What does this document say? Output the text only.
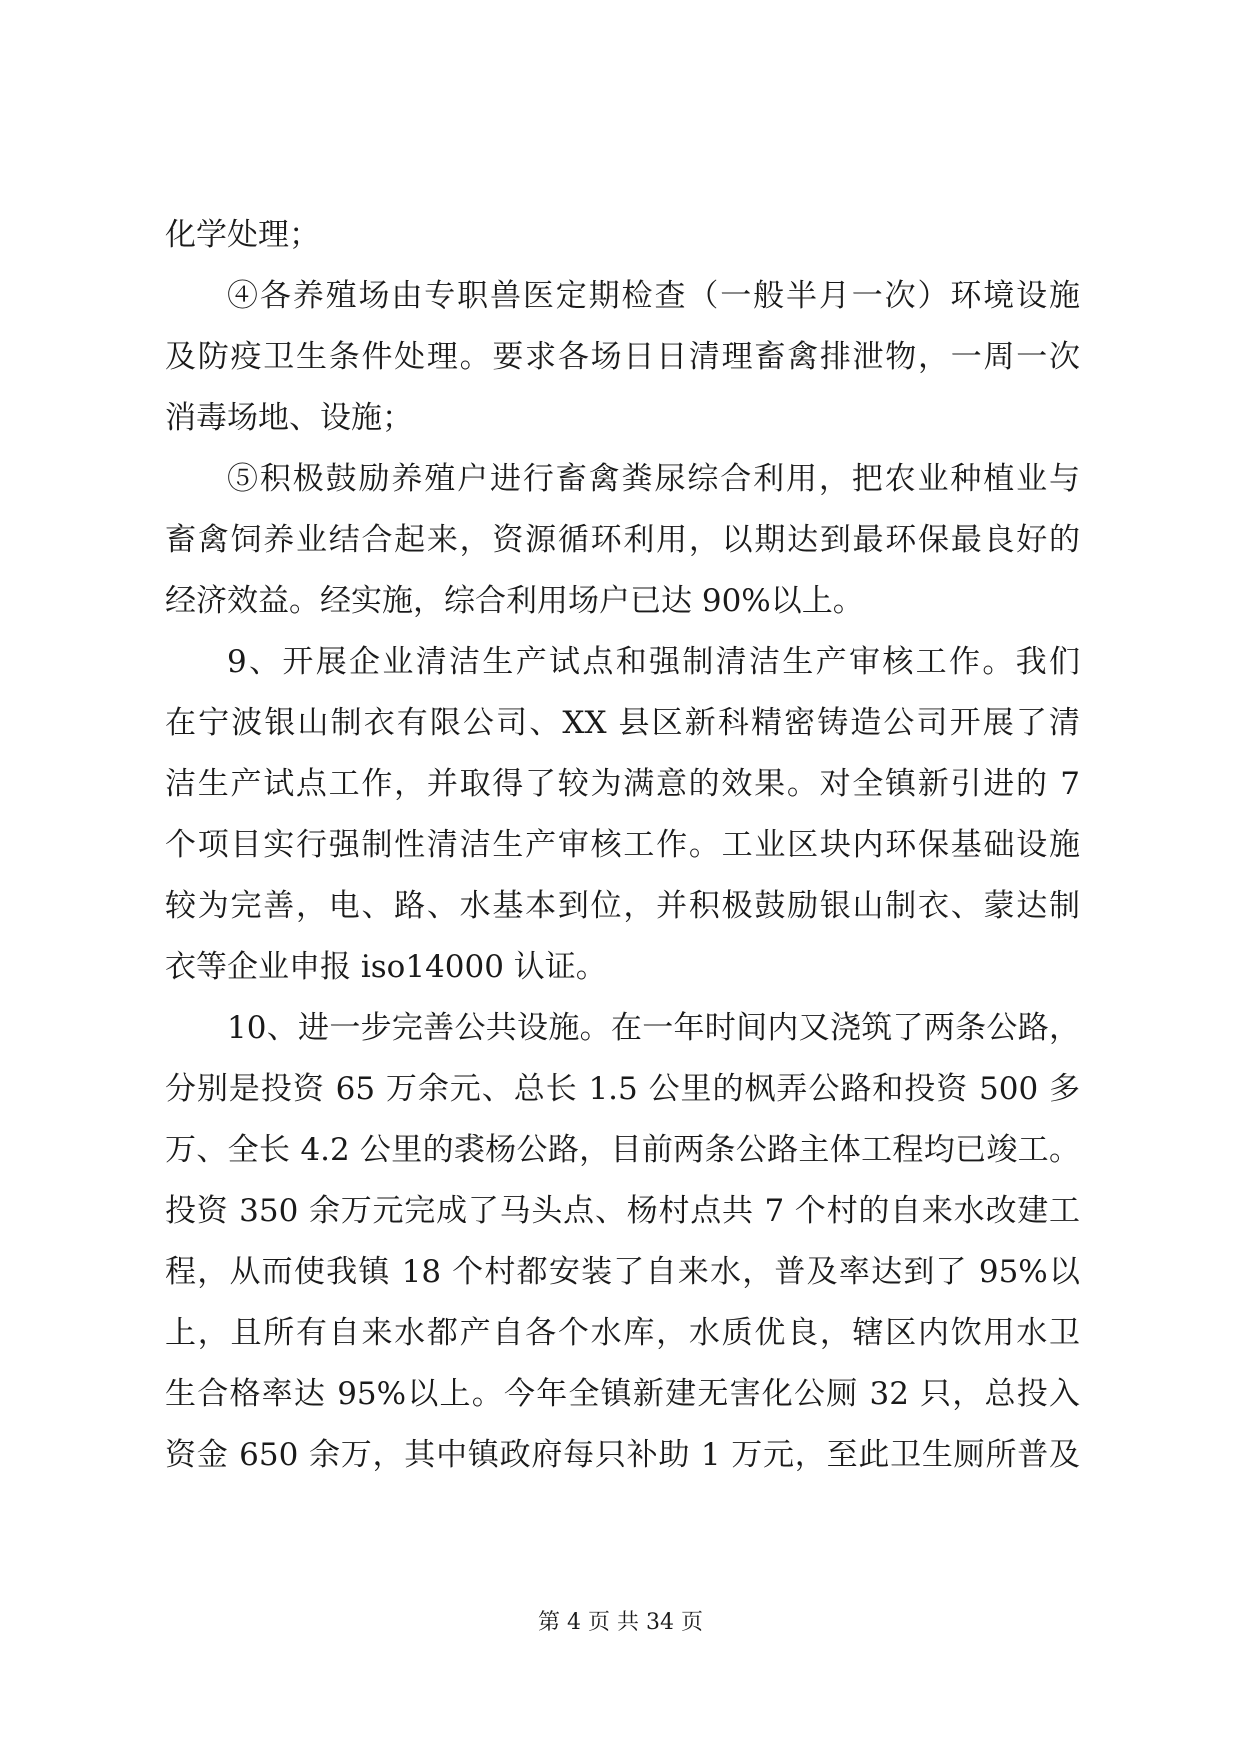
化学处理；
④各养殖场由专职兽医定期检查（一般半月一次）环境设施
及防疫卫生条件处理。要求各场日日清理畜禽排泄物，一周一次
消毒场地、设施；
⑤积极鼓励养殖户进行畜禽粪尿综合利用，把农业种植业与
畜禽饲养业结合起来，资源循环利用，以期达到最环保最良好的
经济效益。经实施，综合利用场户已达 90%以上。
9、开展企业清洁生产试点和强制清洁生产审核工作。我们
在宁波银山制衣有限公司、XX 县区新科精密铸造公司开展了清
洁生产试点工作，并取得了较为满意的效果。对全镇新引进的 7
个项目实行强制性清洁生产审核工作。工业区块内环保基础设施
较为完善，电、路、水基本到位，并积极鼓励银山制衣、蒙达制
衣等企业申报 iso14000 认证。
10、进一步完善公共设施。在一年时间内又浇筑了两条公路，
分别是投资 65 万余元、总长 1.5 公里的枫弄公路和投资 500 多
万、全长 4.2 公里的裘杨公路，目前两条公路主体工程均已竣工。
投资 350 余万元完成了马头点、杨村点共 7 个村的自来水改建工
程，从而使我镇 18 个村都安装了自来水，普及率达到了 95%以
上，且所有自来水都产自各个水库，水质优良，辖区内饮用水卫
生合格率达 95%以上。今年全镇新建无害化公厕 32 只，总投入
资金 650 余万，其中镇政府每只补助 1 万元，至此卫生厕所普及
第 4 页 共 34 页
